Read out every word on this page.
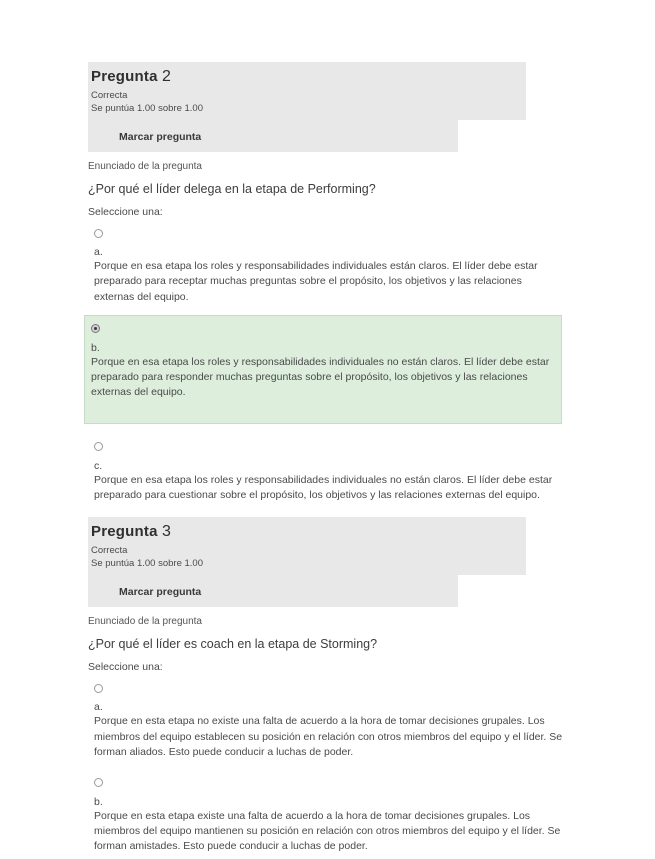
Pregunta 2
Correcta
Se puntúa 1.00 sobre 1.00
Marcar pregunta
Enunciado de la pregunta
¿Por qué el líder delega en la etapa de Performing?
Seleccione una:
a.
Porque en esa etapa los roles y responsabilidades individuales están claros. El líder debe estar preparado para receptar muchas preguntas sobre el propósito, los objetivos y las relaciones externas del equipo.
b.
Porque en esa etapa los roles y responsabilidades individuales no están claros. El líder debe estar preparado para responder muchas preguntas sobre el propósito, los objetivos y las relaciones externas del equipo.
c.
Porque en esa etapa los roles y responsabilidades individuales no están claros. El líder debe estar preparado para cuestionar sobre el propósito, los objetivos y las relaciones externas del equipo.
Pregunta 3
Correcta
Se puntúa 1.00 sobre 1.00
Marcar pregunta
Enunciado de la pregunta
¿Por qué el líder es coach en la etapa de Storming?
Seleccione una:
a.
Porque en esta etapa no existe una falta de acuerdo a la hora de tomar decisiones grupales. Los miembros del equipo establecen su posición en relación con otros miembros del equipo y el líder. Se forman aliados. Esto puede conducir a luchas de poder.
b.
Porque en esta etapa existe una falta de acuerdo a la hora de tomar decisiones grupales. Los miembros del equipo mantienen su posición en relación con otros miembros del equipo y el líder. Se forman amistades. Esto puede conducir a luchas de poder.
